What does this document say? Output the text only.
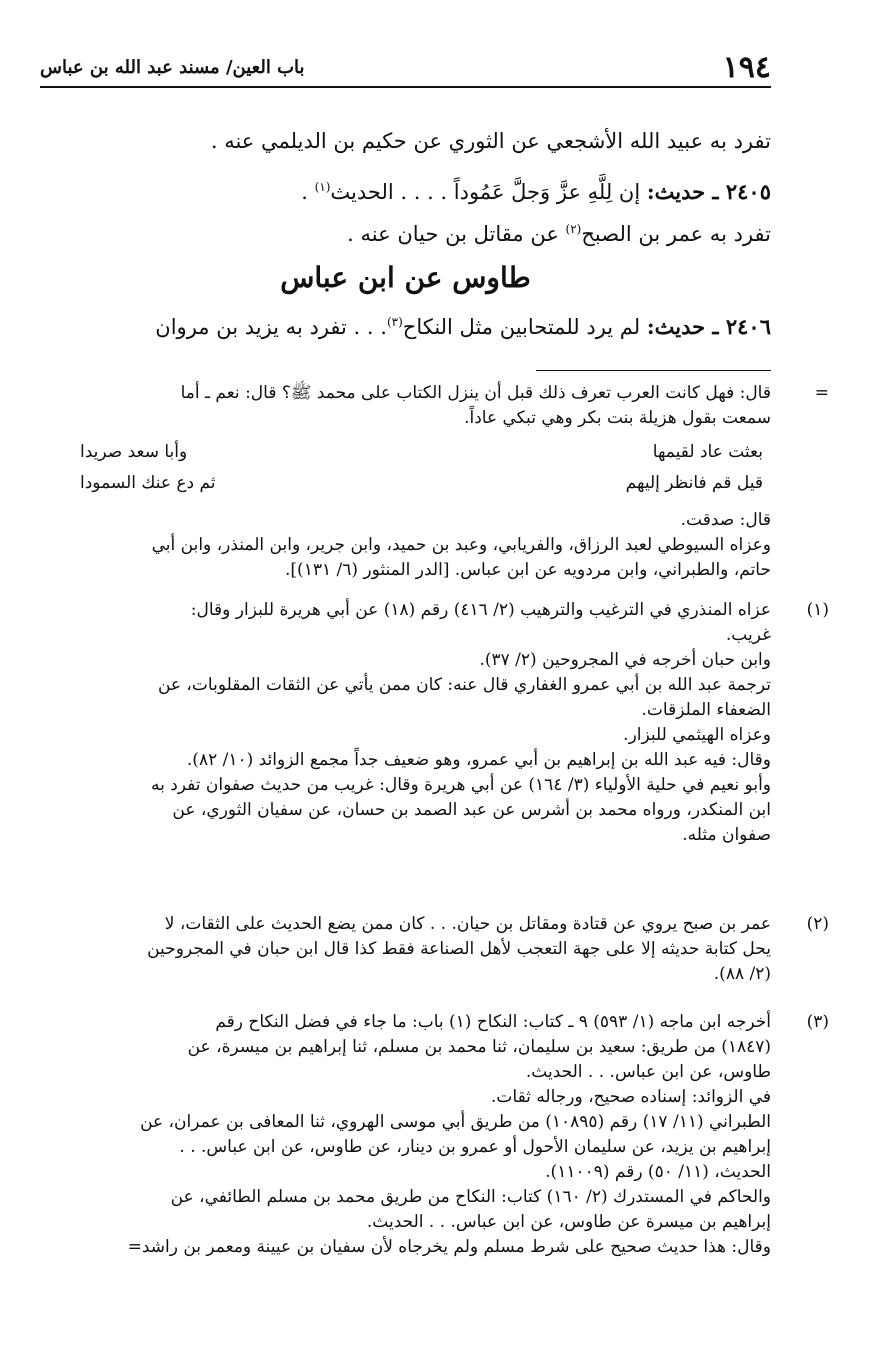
١٩٤
باب العين/ مسند عبد الله بن عباس
تفرد به عبيد الله الأشجعي عن الثوري عن حكيم بن الديلمي عنه .
٢٤٠٥ ـ حديث: إن لِلَّهِ عزَّ وَجلَّ عَمُوداً . . . . الحديث$^{(١)}$ .
تفرد به عمر بن الصبح$^{(٢)}$ عن مقاتل بن حيان عنه .
طاوس عن ابن عباس
٢٤٠٦ ـ حديث: لم يرد للمتحابين مثل النكاح$^{(٣)}$. . . تفرد به يزيد بن مروان
=

قال: فهل كانت العرب تعرف ذلك قبل أن ينزل الكتاب على محمد ﷺ؟ قال: نعم ـ أما

سمعت بقول هزيلة بنت بكر وهي تبكي عاداً.

بعثت عاد لقيمها
وأبا سعد صريدا
قيل قم فانظر إليهم
ثم دع عنك السمودا

قال: صدقت.

وعزاه السيوطي لعبد الرزاق، والفريابي، وعبد بن حميد، وابن جرير، وابن المنذر، وابن أبي

حاتم، والطبراني، وابن مردويه عن ابن عباس. [الدر المنثور (٦/ ١٣١)].

(١)

عزاه المنذري في الترغيب والترهيب (٢/ ٤١٦) رقم (١٨) عن أبي هريرة للبزار وقال:

غريب.

وابن حبان أخرجه في المجروحين (٢/ ٣٧).

ترجمة عبد الله بن أبي عمرو الغفاري قال عنه: كان ممن يأتي عن الثقات المقلوبات، عن

الضعفاء الملزقات.

وعزاه الهيثمي للبزار.

وقال: فيه عبد الله بن إبراهيم بن أبي عمرو، وهو ضعيف جداً مجمع الزوائد (١٠/ ٨٢).

وأبو نعيم في حلية الأولياء (٣/ ١٦٤) عن أبي هريرة وقال: غريب من حديث صفوان تفرد به

ابن المنكدر، ورواه محمد بن أشرس عن عبد الصمد بن حسان، عن سفيان الثوري، عن

صفوان مثله.

(٢)

عمر بن صبح يروي عن قتادة ومقاتل بن حيان. . . كان ممن يضع الحديث على الثقات، لا

يحل كتابة حديثه إلا على جهة التعجب لأهل الصناعة فقط كذا قال ابن حبان في المجروحين

(٢/ ٨٨).

(٣)

أخرجه ابن ماجه (١/ ٥٩٣) ٩ ـ كتاب: النكاح (١) باب: ما جاء في فضل النكاح رقم

(١٨٤٧) من طريق: سعيد بن سليمان، ثنا محمد بن مسلم، ثنا إبراهيم بن ميسرة، عن

طاوس، عن ابن عباس. . . الحديث.

في الزوائد: إسناده صحيح، ورجاله ثقات.

الطبراني (١١/ ١٧) رقم (١٠٨٩٥) من طريق أبي موسى الهروي، ثنا المعافى بن عمران، عن

إبراهيم بن يزيد، عن سليمان الأحول أو عمرو بن دينار، عن طاوس، عن ابن عباس. . .

الحديث، (١١/ ٥٠) رقم (١١٠٠٩).

والحاكم في المستدرك (٢/ ١٦٠) كتاب: النكاح من طريق محمد بن مسلم الطائفي، عن

إبراهيم بن ميسرة عن طاوس، عن ابن عباس. . . الحديث.

وقال: هذا حديث صحيح على شرط مسلم ولم يخرجاه لأن سفيان بن عيينة ومعمر بن راشد=
